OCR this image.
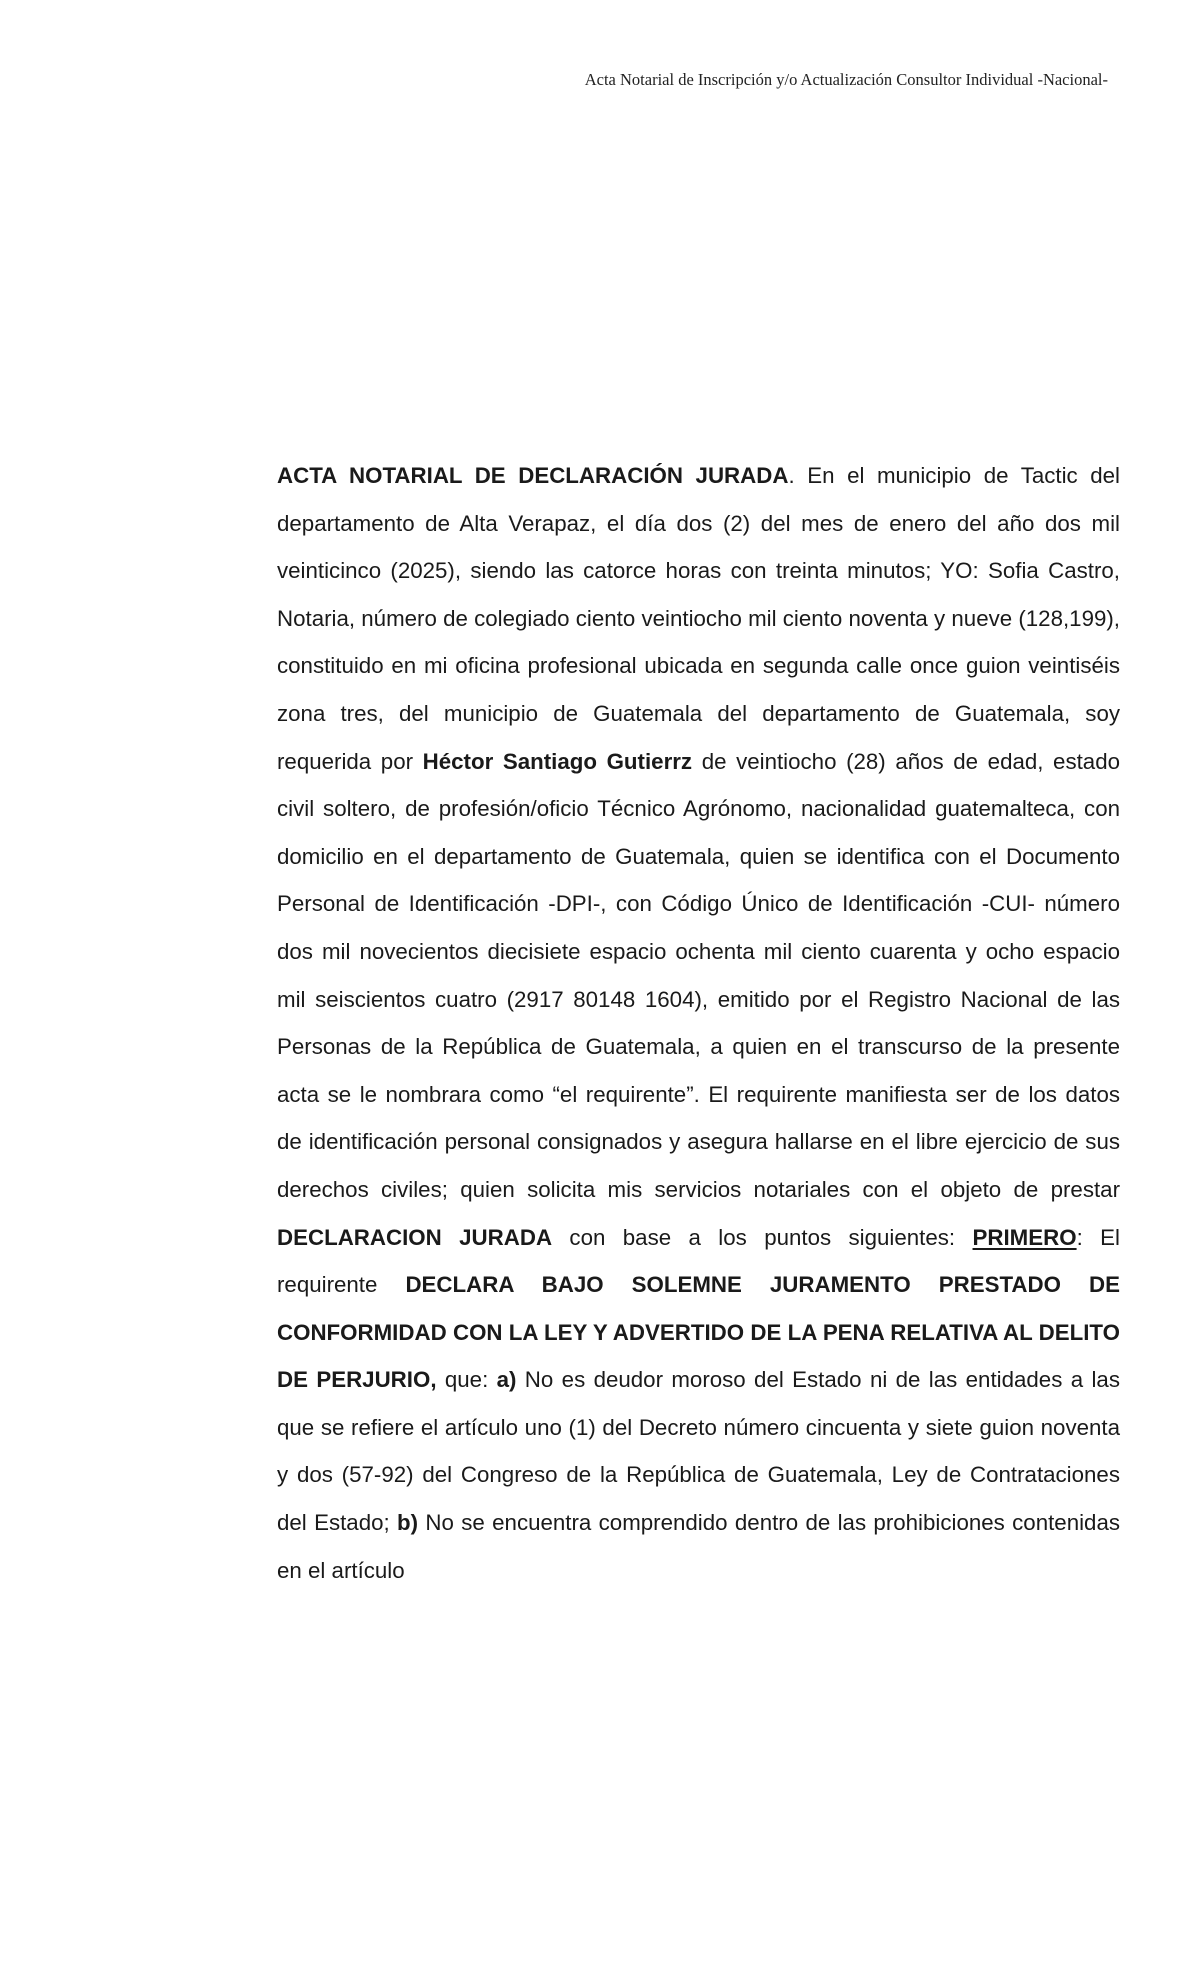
Acta Notarial de Inscripción y/o Actualización Consultor Individual -Nacional-

ACTA NOTARIAL DE DECLARACIÓN JURADA. En el municipio de Tactic del departamento de Alta Verapaz, el día dos (2) del mes de enero del año dos mil veinticinco (2025), siendo las catorce horas con treinta minutos; YO: Sofia Castro, Notaria, número de colegiado ciento veintiocho mil ciento noventa y nueve (128,199), constituido en mi oficina profesional ubicada en segunda calle once guion veintiséis zona tres, del municipio de Guatemala del departamento de Guatemala, soy requerida por Héctor Santiago Gutierrz de veintiocho (28) años de edad, estado civil soltero, de profesión/oficio Técnico Agrónomo, nacionalidad guatemalteca, con domicilio en el departamento de Guatemala, quien se identifica con el Documento Personal de Identificación -DPI-, con Código Único de Identificación -CUI- número dos mil novecientos diecisiete espacio ochenta mil ciento cuarenta y ocho espacio mil seiscientos cuatro (2917 80148 1604), emitido por el Registro Nacional de las Personas de la República de Guatemala, a quien en el transcurso de la presente acta se le nombrara como “el requirente”. El requirente manifiesta ser de los datos de identificación personal consignados y asegura hallarse en el libre ejercicio de sus derechos civiles; quien solicita mis servicios notariales con el objeto de prestar DECLARACION JURADA con base a los puntos siguientes: PRIMERO: El requirente DECLARA BAJO SOLEMNE JURAMENTO PRESTADO DE CONFORMIDAD CON LA LEY Y ADVERTIDO DE LA PENA RELATIVA AL DELITO DE PERJURIO, que: a) No es deudor moroso del Estado ni de las entidades a las que se refiere el artículo uno (1) del Decreto número cincuenta y siete guion noventa y dos (57-92) del Congreso de la República de Guatemala, Ley de Contrataciones del Estado; b) No se encuentra comprendido dentro de las prohibiciones contenidas en el artículo
